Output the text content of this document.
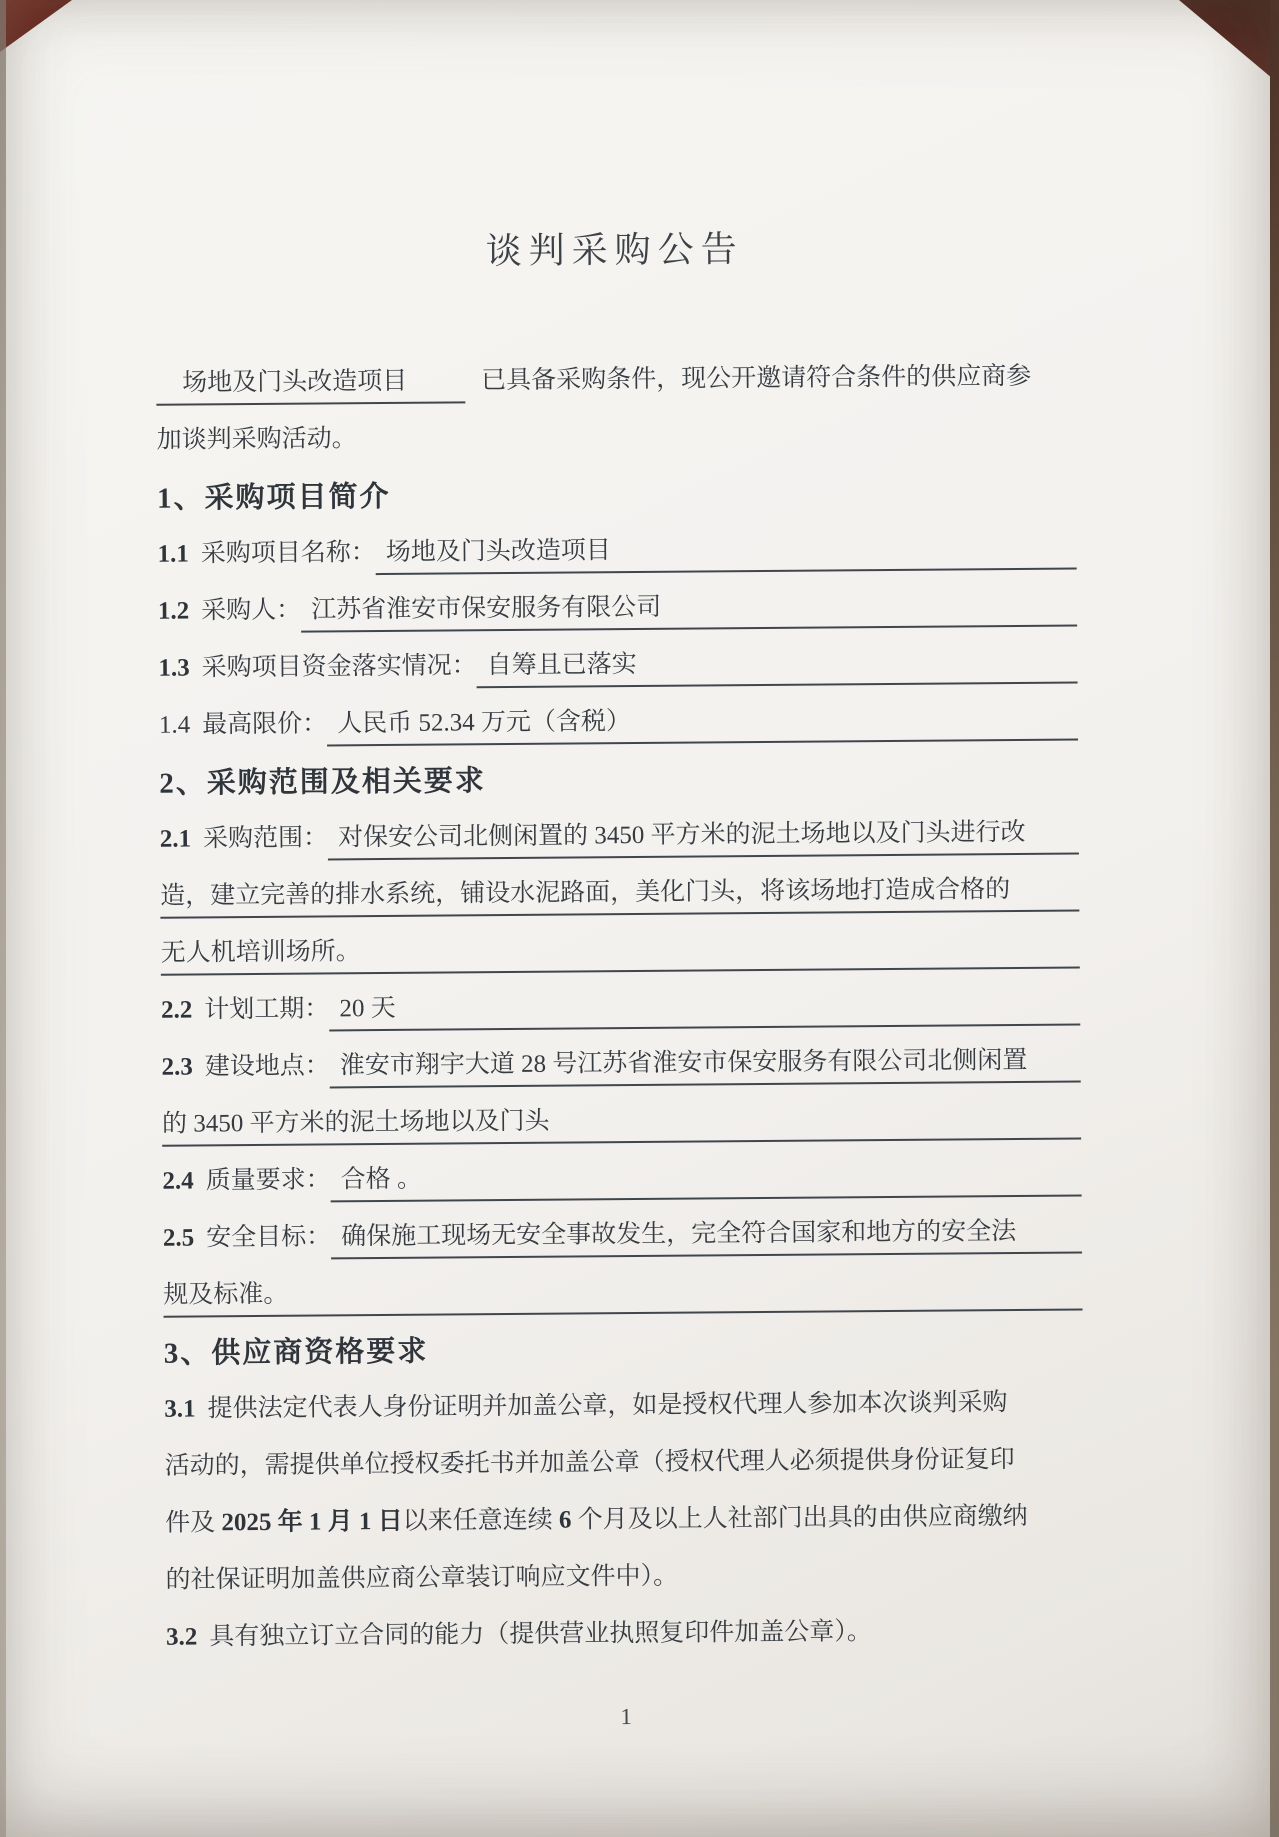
谈判采购公告
场地及门头改造项目	已具备采购条件，现公开邀请符合条件的供应商参
加谈判采购活动。
1、采购项目简介
1.1 采购项目名称： 场地及门头改造项目
1.2 采购人： 江苏省淮安市保安服务有限公司
1.3 采购项目资金落实情况： 自筹且已落实
1.4 最高限价： 人民币 52.34 万元（含税）
2、采购范围及相关要求
2.1 采购范围： 对保安公司北侧闲置的 3450 平方米的泥土场地以及门头进行改
造，建立完善的排水系统，铺设水泥路面，美化门头，将该场地打造成合格的
无人机培训场所。
2.2 计划工期： 20 天
2.3 建设地点： 淮安市翔宇大道 28 号江苏省淮安市保安服务有限公司北侧闲置
的 3450 平方米的泥土场地以及门头
2.4 质量要求： 合格 。
2.5 安全目标： 确保施工现场无安全事故发生，完全符合国家和地方的安全法
规及标准。
3、供应商资格要求
3.1 提供法定代表人身份证明并加盖公章，如是授权代理人参加本次谈判采购
活动的，需提供单位授权委托书并加盖公章（授权代理人必须提供身份证复印
件及 2025 年 1 月 1 日 以来任意连续 6 个月及以上人社部门出具的由供应商缴纳
的社保证明加盖供应商公章装订响应文件中）。
3.2 具有独立订立合同的能力（提供营业执照复印件加盖公章）。
1
